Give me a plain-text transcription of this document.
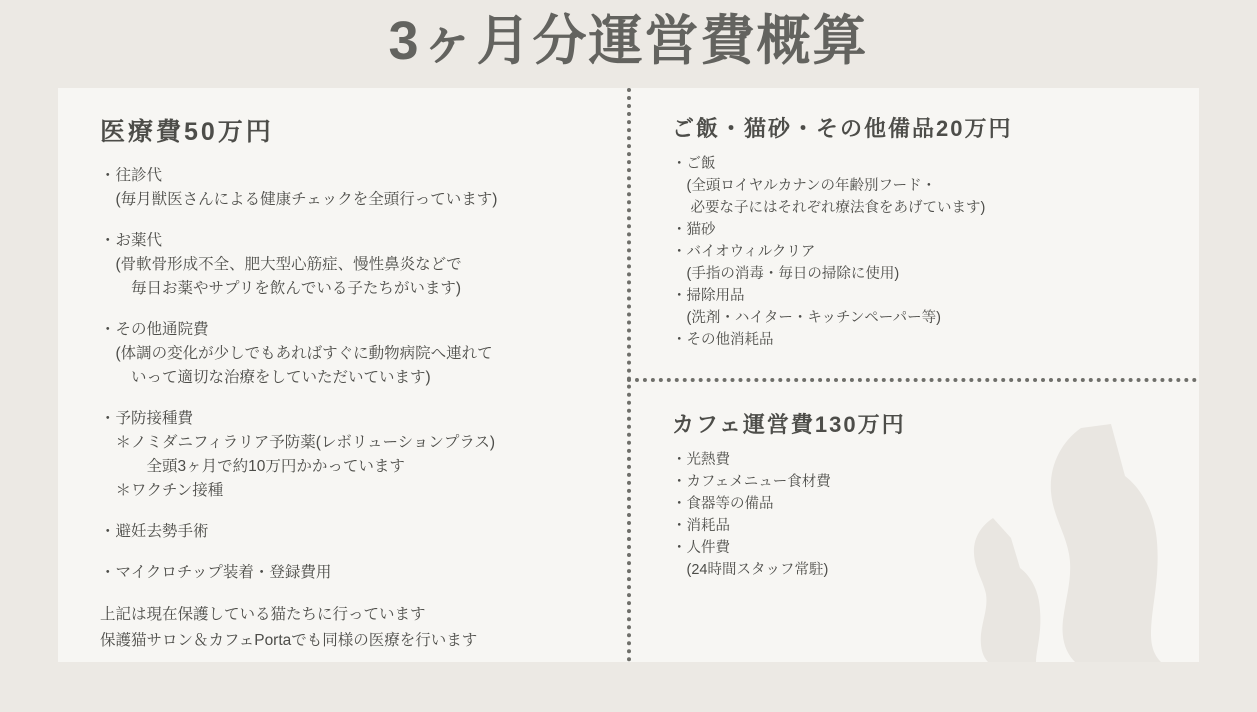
3ヶ月分運営費概算
医療費50万円
・往診代
　(毎月獣医さんによる健康チェックを全頭行っています)
・お薬代
　(骨軟骨形成不全、肥大型心筋症、慢性鼻炎などで
　　毎日お薬やサプリを飲んでいる子たちがいます)
・その他通院費
　(体調の変化が少しでもあればすぐに動物病院へ連れて
　　いって適切な治療をしていただいています)
・予防接種費
　＊ノミダニフィラリア予防薬(レボリューションプラス)
　　　全頭3ヶ月で約10万円かかっています
　＊ワクチン接種
・避妊去勢手術
・マイクロチップ装着・登録費用
上記は現在保護している猫たちに行っています
保護猫サロン＆カフェPortaでも同様の医療を行います
ご飯・猫砂・その他備品20万円
・ご飯
　(全頭ロイヤルカナンの年齢別フード・
　 必要な子にはそれぞれ療法食をあげています)
・猫砂
・バイオウィルクリア
　(手指の消毒・毎日の掃除に使用)
・掃除用品
　(洗剤・ハイター・キッチンペーパー等)
・その他消耗品
カフェ運営費130万円
・光熱費
・カフェメニュー食材費
・食器等の備品
・消耗品
・人件費
　(24時間スタッフ常駐)
